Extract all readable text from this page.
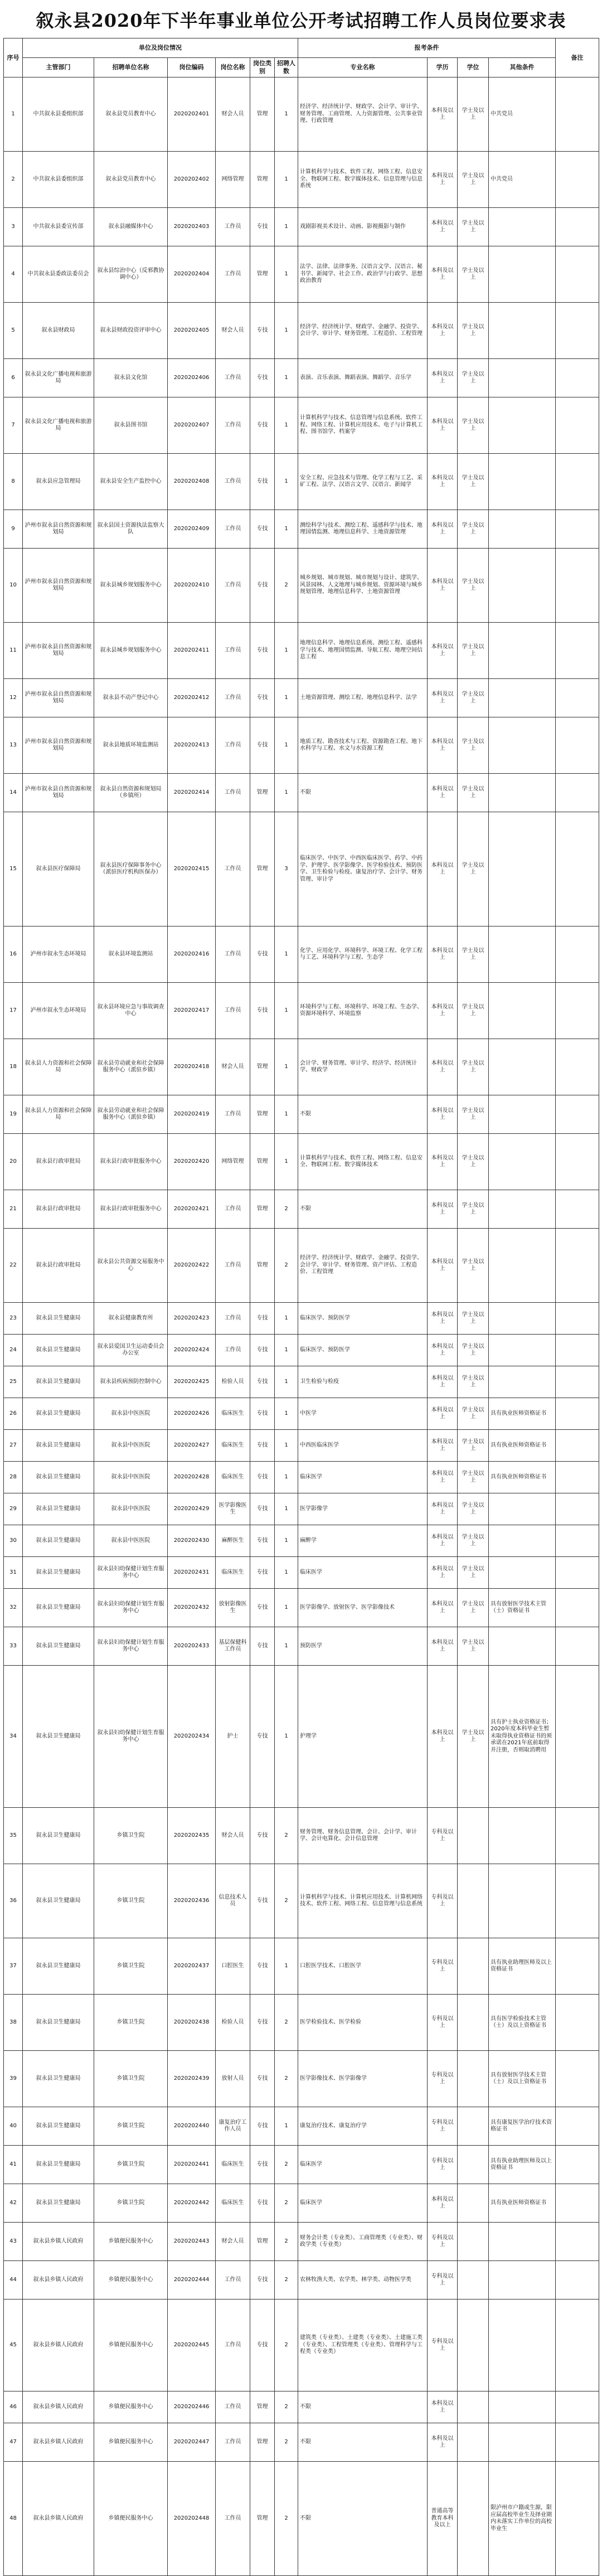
叙永县2020年下半年事业单位公开考试招聘工作人员岗位要求表
序号	单位及岗位情况						报考条件				备注
	主管部门	招聘单位名称	岗位编码	岗位名称	岗位类别	招聘人数	专业名称	学历	学位	其他条件	
1	中共叙永县委组织部	叙永县党员教育中心	2020202401	财会人员	管理	1	经济学、经济统计学、财政学、会计学、审计学、财务管理、工商管理、人力资源管理、公共事业管理、行政管理	本科及以上	学士及以上	中共党员	
2	中共叙永县委组织部	叙永县党员教育中心	2020202402	网络管理	管理	1	计算机科学与技术、软件工程、网络工程、信息安全、物联网工程、数字媒体技术、信息管理与信息系统	本科及以上	学士及以上	中共党员	
3	中共叙永县委宣传部	叙永县融媒体中心	2020202403	工作员	专技	1	戏剧影视美术设计、动画、影视摄影与制作	本科及以上	学士及以上		
4	中共叙永县委政法委员会	叙永县综治中心（反邪教协调中心）	2020202404	工作员	管理	1	法学、法律、法律事务、汉语言文学、汉语言、秘书学、新闻学、社会工作、政治学与行政学、思想政治教育	本科及以上	学士及以上		
5	叙永县财政局	叙永县财政投资评审中心	2020202405	财会人员	专技	1	经济学、经济统计学、财政学、金融学、投资学、会计学、审计学、财务管理、工程造价、工程管理	本科及以上	学士及以上		
6	叙永县文化广播电视和旅游局	叙永县文化馆	2020202406	工作员	专技	1	表演、音乐表演、舞蹈表演、舞蹈学、音乐学	本科及以上	学士及以上		
7	叙永县文化广播电视和旅游局	叙永县图书馆	2020202407	工作员	专技	1	计算机科学与技术、信息管理与信息系统、软件工程、网络工程、计算机应用技术、电子与计算机工程、图书馆学、档案学	本科及以上	学士及以上		
8	叙永县应急管理局	叙永县安全生产监控中心	2020202408	工作员	专技	1	安全工程、应急技术与管理、化学工程与工艺、采矿工程、法学、汉语言文学、汉语言、新闻学	本科及以上	学士及以上		
9	泸州市叙永县自然资源和规划局	叙永县国土资源执法监察大队	2020202409	工作员	专技	1	测绘科学与技术、测绘工程、遥感科学与技术、地理国情监测、地理信息科学、土地资源管理	本科及以上	学士及以上		
10	泸州市叙永县自然资源和规划局	叙永县城乡规划服务中心	2020202410	工作员	专技	2	城乡规划、城市规划、城市规划与设计、建筑学、风景园林、人文地理与城乡规划、资源环境与城乡规划管理、地理信息科学、土地资源管理	本科及以上	学士及以上		
11	泸州市叙永县自然资源和规划局	叙永县城乡规划服务中心	2020202411	工作员	专技	1	地理信息科学、地理信息系统、测绘工程、遥感科学与技术、地理国情监测、导航工程、地理空间信息工程	本科及以上	学士及以上		
12	泸州市叙永县自然资源和规划局	叙永县不动产登记中心	2020202412	工作员	专技	1	土地资源管理、测绘工程、地理信息科学、法学	本科及以上	学士及以上		
13	泸州市叙永县自然资源和规划局	叙永县地质环境监测站	2020202413	工作员	专技	1	地质工程、勘查技术与工程、资源勘查工程、地下水科学与工程、水文与水资源工程	本科及以上	学士及以上		
14	泸州市叙永县自然资源和规划局	叙永县自然资源和规划局（乡镇所）	2020202414	工作员	管理	1	不限	本科及以上	学士及以上		
15	叙永县医疗保障局	叙永县医疗保障事务中心（派驻医疗机构医保办）	2020202415	工作员	管理	3	临床医学、中医学、中西医临床医学、药学、中药学、护理学、医学影像学、医学检验技术、预防医学、卫生检验与检疫、康复治疗学、会计学、财务管理、审计学	本科及以上	学士及以上		
16	泸州市叙永生态环境局	叙永县环境监测站	2020202416	工作员	专技	1	化学、应用化学、环境科学、环境工程、化学工程与工艺、环境科学与工程、生态学	本科及以上	学士及以上		
17	泸州市叙永生态环境局	叙永县环境应急与事故调查中心	2020202417	工作员	专技	1	环境科学与工程、环境科学、环境工程、生态学、资源环境科学、环境监察	本科及以上	学士及以上		
18	叙永县人力资源和社会保障局	叙永县劳动就业和社会保障服务中心（派驻乡镇）	2020202418	财会人员	管理	1	会计学、财务管理、审计学、经济学、经济统计学、财政学	本科及以上	学士及以上		
19	叙永县人力资源和社会保障局	叙永县劳动就业和社会保障服务中心（派驻乡镇）	2020202419	工作员	管理	1	不限	本科及以上	学士及以上		
20	叙永县行政审批局	叙永县行政审批服务中心	2020202420	网络管理	管理	1	计算机科学与技术、软件工程、网络工程、信息安全、物联网工程、数字媒体技术	本科及以上	学士及以上		
21	叙永县行政审批局	叙永县行政审批服务中心	2020202421	工作员	管理	2	不限	本科及以上	学士及以上		
22	叙永县行政审批局	叙永县公共资源交易服务中心	2020202422	工作员	管理	2	经济学、经济统计学、财政学、金融学、投资学、会计学、审计学、财务管理、资产评估、工程造价、工程管理	本科及以上	学士及以上		
23	叙永县卫生健康局	叙永县健康教育所	2020202423	工作员	专技	1	临床医学、预防医学	本科及以上	学士及以上		
24	叙永县卫生健康局	叙永县爱国卫生运动委员会办公室	2020202424	工作员	专技	1	临床医学、预防医学	本科及以上	学士及以上		
25	叙永县卫生健康局	叙永县疾病预防控制中心	2020202425	检验人员	专技	1	卫生检验与检疫	本科及以上	学士及以上		
26	叙永县卫生健康局	叙永县中医医院	2020202426	临床医生	专技	1	中医学	本科及以上	学士及以上	具有执业医师资格证书	
27	叙永县卫生健康局	叙永县中医医院	2020202427	临床医生	专技	1	中西医临床医学	本科及以上	学士及以上	具有执业医师资格证书	
28	叙永县卫生健康局	叙永县中医医院	2020202428	临床医生	专技	1	临床医学	本科及以上	学士及以上	具有执业医师资格证书	
29	叙永县卫生健康局	叙永县中医医院	2020202429	医学影像医生	专技	1	医学影像学	本科及以上	学士及以上		
30	叙永县卫生健康局	叙永县中医医院	2020202430	麻醉医生	专技	1	麻醉学	本科及以上	学士及以上		
31	叙永县卫生健康局	叙永县妇幼保健计划生育服务中心	2020202431	临床医生	专技	1	临床医学	本科及以上	学士及以上		
32	叙永县卫生健康局	叙永县妇幼保健计划生育服务中心	2020202432	放射影像医生	专技	1	医学影像学、放射医学、医学影像技术	本科及以上	学士及以上	具有放射医学技术主管（士）资格证书	
33	叙永县卫生健康局	叙永县妇幼保健计划生育服务中心	2020202433	基层保健科工作员	专技	1	预防医学	本科及以上	学士及以上		
34	叙永县卫生健康局	叙永县妇幼保健计划生育服务中心	2020202434	护士	专技	1	护理学	本科及以上	学士及以上	具有护士执业资格证书；2020年度本科毕业生暂未取得执业资格证书的须承诺在2021年底前取得并注册，否则取消聘用	
35	叙永县卫生健康局	乡镇卫生院	2020202435	财会人员	专技	2	财务管理、财务信息管理、会计、会计学、审计学、会计电算化、会计信息管理	专科及以上			
36	叙永县卫生健康局	乡镇卫生院	2020202436	信息技术人员	专技	2	计算机科学与技术、计算机应用技术、计算机网络技术、软件工程、网络工程、信息管理与信息系统	专科及以上			
37	叙永县卫生健康局	乡镇卫生院	2020202437	口腔医生	专技	1	口腔医学技术、口腔医学	专科及以上		具有执业助理医师及以上资格证书	
38	叙永县卫生健康局	乡镇卫生院	2020202438	检验人员	专技	2	医学检验技术、医学检验	专科及以上		具有医学检验技术主管（士）及以上资格证书	
39	叙永县卫生健康局	乡镇卫生院	2020202439	放射人员	专技	2	医学影像技术、医学影像学	专科及以上		具有放射医学技术主管（士）及以上资格证书	
40	叙永县卫生健康局	乡镇卫生院	2020202440	康复治疗工作人员	专技	1	康复治疗技术、康复治疗学	专科及以上		具有康复医学治疗技术资格证书	
41	叙永县卫生健康局	乡镇卫生院	2020202441	临床医生	专技	2	临床医学	专科及以上		具有执业助理医师及以上资格证书	
42	叙永县卫生健康局	乡镇卫生院	2020202442	临床医生	专技	2	临床医学	本科及以上		具有执业医师资格证书	
43	叙永县乡镇人民政府	乡镇便民服务中心	2020202443	财会人员	管理	2	财务会计类（专业类）、工商管理类（专业类）、财政学类（专业类）	专科及以上			
44	叙永县乡镇人民政府	乡镇便民服务中心	2020202444	工作员	专技	2	农林牧渔大类、农学类、林学类、动物医学类	专科及以上			
45	叙永县乡镇人民政府	乡镇便民服务中心	2020202445	工作员	专技	2	建筑类（专业类）、土建类（专业类）、土建施工类（专业类）、工程管理类（专业类）、管理科学与工程类（专业类）	专科及以上			
46	叙永县乡镇人民政府	乡镇便民服务中心	2020202446	工作员	管理	2	不限	本科及以上			
47	叙永县乡镇人民政府	乡镇便民服务中心	2020202447	工作员	管理	2	不限	本科及以上			
48	叙永县乡镇人民政府	乡镇便民服务中心	2020202448	工作员	管理	2	不限	普通高等教育本科及以上		限泸州市户籍或生源，限应届高校毕业生及择业期内未落实工作单位的高校毕业生	
